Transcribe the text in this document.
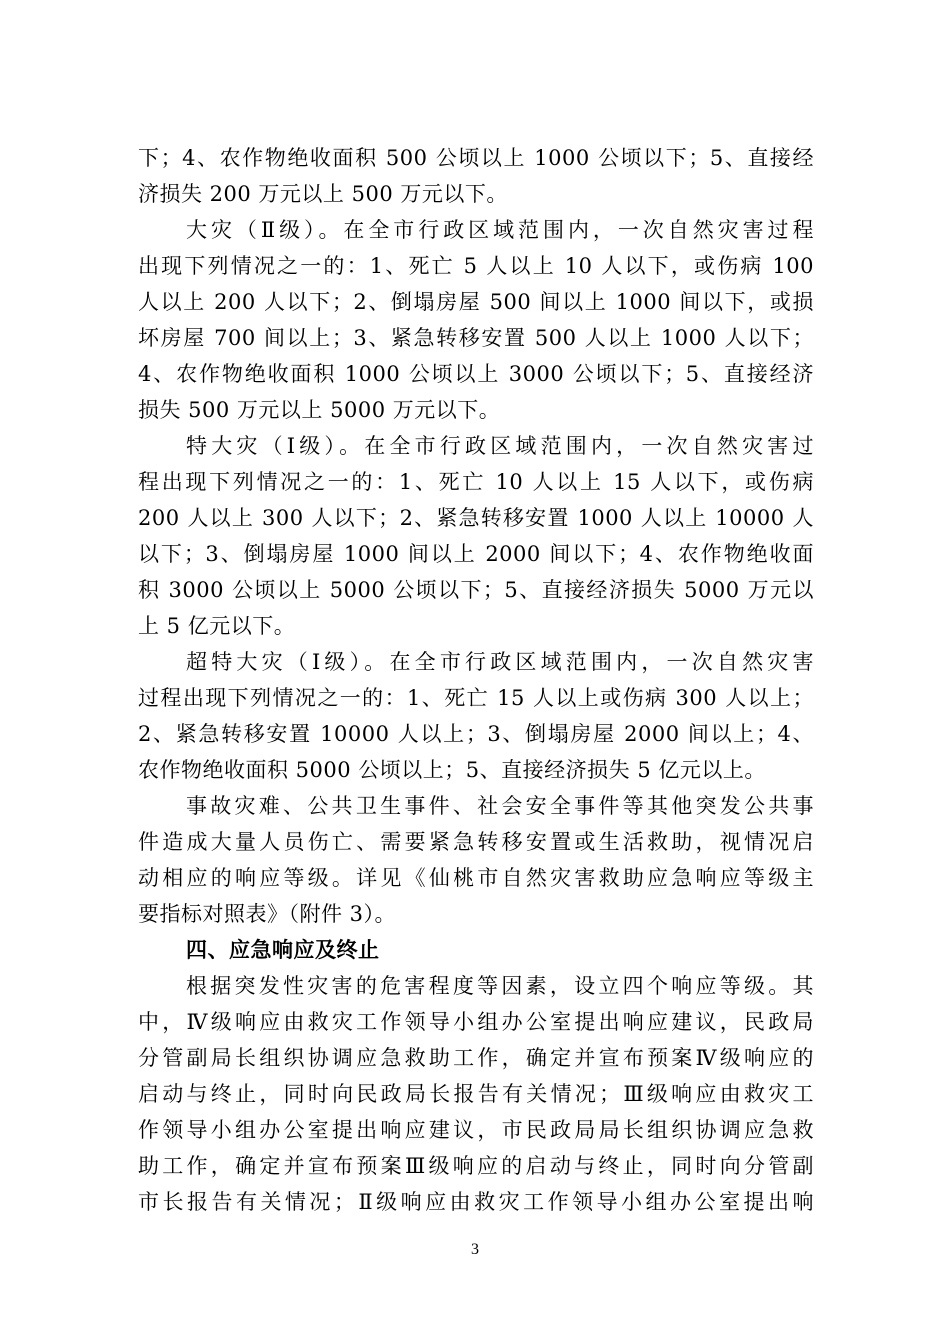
下；4、农作物绝收面积 500 公顷以上 1000 公顷以下；5、直接经
济损失 200 万元以上 500 万元以下。
大灾（Ⅱ级）。在全市行政区域范围内，一次自然灾害过程
出现下列情况之一的：1、死亡 5 人以上 10 人以下，或伤病 100
人以上 200 人以下；2、倒塌房屋 500 间以上 1000 间以下，或损
坏房屋 700 间以上；3、紧急转移安置 500 人以上 1000 人以下；
4、农作物绝收面积 1000 公顷以上 3000 公顷以下；5、直接经济
损失 500 万元以上 5000 万元以下。
特大灾（Ⅰ级）。在全市行政区域范围内，一次自然灾害过
程出现下列情况之一的：1、死亡 10 人以上 15 人以下，或伤病
200 人以上 300 人以下；2、紧急转移安置 1000 人以上 10000 人
以下；3、倒塌房屋 1000 间以上 2000 间以下；4、农作物绝收面
积 3000 公顷以上 5000 公顷以下；5、直接经济损失 5000 万元以
上 5 亿元以下。
超特大灾（Ⅰ级）。在全市行政区域范围内，一次自然灾害
过程出现下列情况之一的：1、死亡 15 人以上或伤病 300 人以上；
2、紧急转移安置 10000 人以上；3、倒塌房屋 2000 间以上；4、
农作物绝收面积 5000 公顷以上；5、直接经济损失 5 亿元以上。
事故灾难、公共卫生事件、社会安全事件等其他突发公共事
件造成大量人员伤亡、需要紧急转移安置或生活救助，视情况启
动相应的响应等级。详见《仙桃市自然灾害救助应急响应等级主
要指标对照表》（附件 3）。
四、应急响应及终止
根据突发性灾害的危害程度等因素，设立四个响应等级。其
中，Ⅳ级响应由救灾工作领导小组办公室提出响应建议，民政局
分管副局长组织协调应急救助工作，确定并宣布预案Ⅳ级响应的
启动与终止，同时向民政局长报告有关情况；Ⅲ级响应由救灾工
作领导小组办公室提出响应建议，市民政局局长组织协调应急救
助工作，确定并宣布预案Ⅲ级响应的启动与终止，同时向分管副
市长报告有关情况；Ⅱ级响应由救灾工作领导小组办公室提出响
3
